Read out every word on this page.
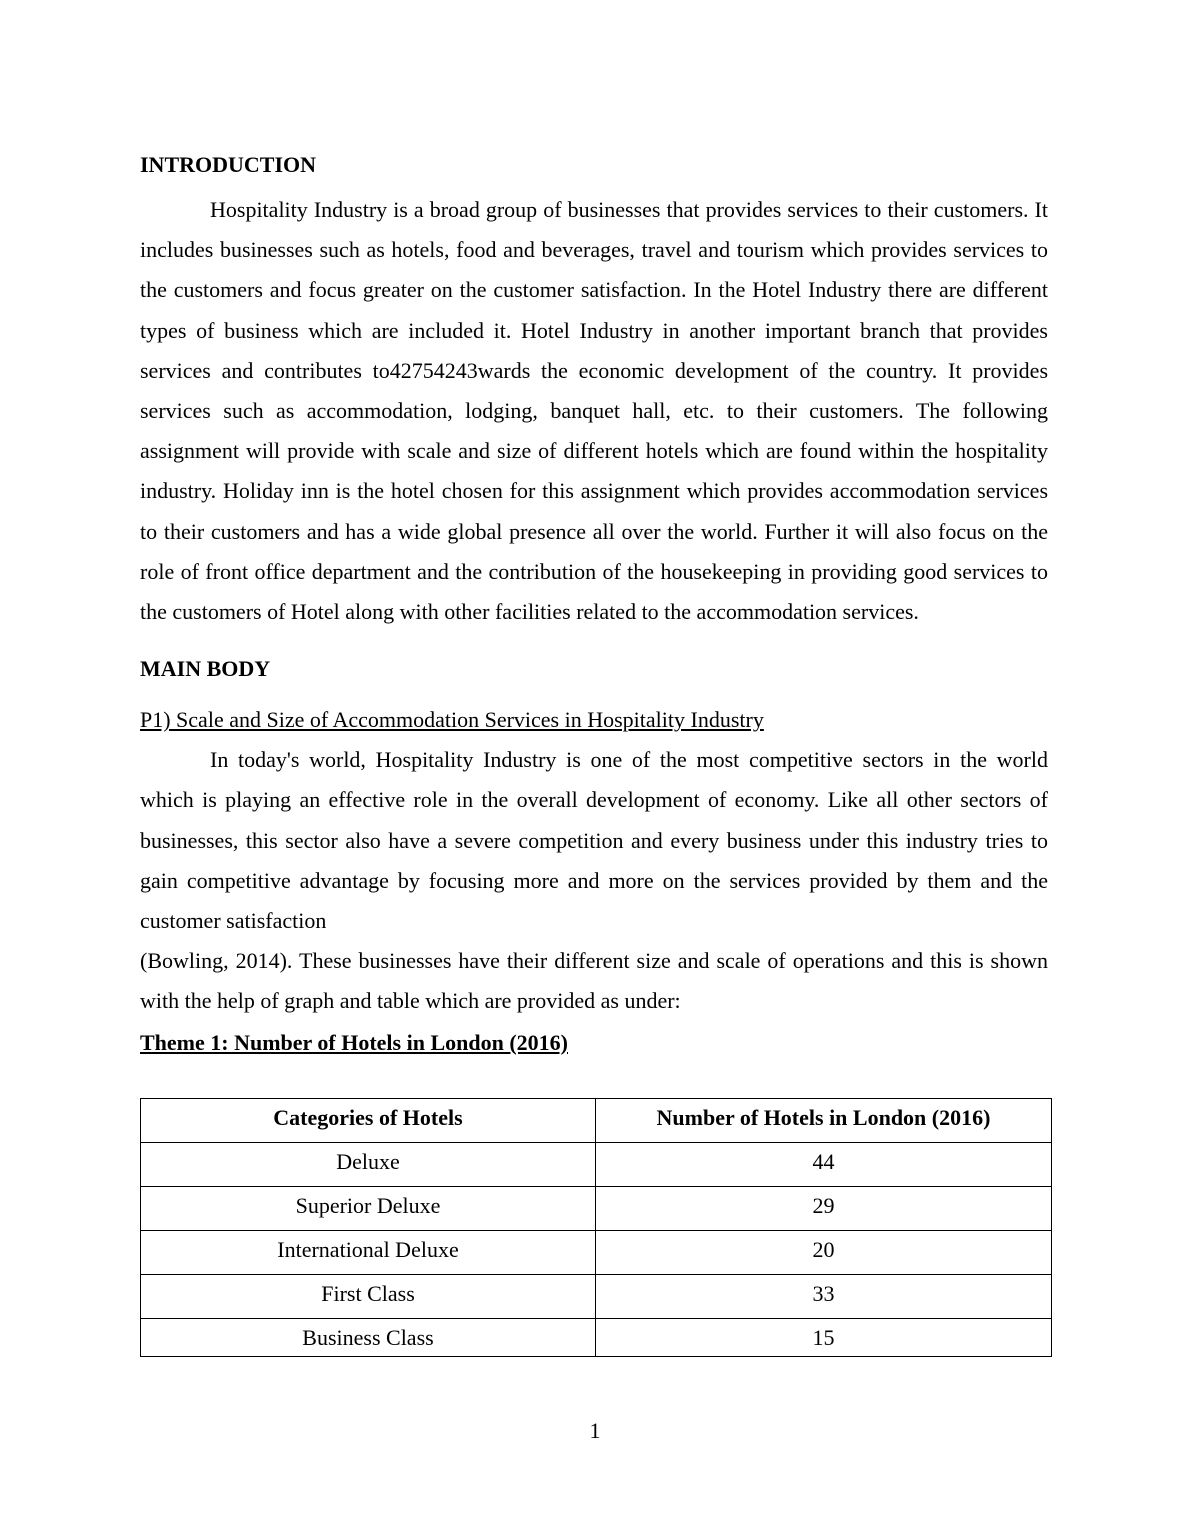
INTRODUCTION

Hospitality Industry is a broad group of businesses that provides services to their customers. It includes businesses such as hotels, food and beverages, travel and tourism which provides services to the customers and focus greater on the customer satisfaction. In the Hotel Industry there are different types of business which are included it. Hotel Industry in another important branch that provides services and contributes to42754243wards the economic development of the country. It provides services such as accommodation, lodging, banquet hall, etc. to their customers. The following assignment will provide with scale and size of different hotels which are found within the hospitality industry. Holiday inn is the hotel chosen for this assignment which provides accommodation services to their customers and has a wide global presence all over the world. Further it will also focus on the role of front office department and the contribution of the housekeeping in providing good services to the customers of Hotel along with other facilities related to the accommodation services.

MAIN BODY

P1) Scale and Size of Accommodation Services in Hospitality Industry

In today's world, Hospitality Industry is one of the most competitive sectors in the world which is playing an effective role in the overall development of economy. Like all other sectors of businesses, this sector also have a severe competition and every business under this industry tries to gain competitive advantage by focusing more and more on the services provided by them and the customer satisfaction

(Bowling, 2014). These businesses have their different size and scale of operations and this is shown with the help of graph and table which are provided as under:

Theme 1: Number of Hotels in London (2016)

Categories of Hotels	Number of Hotels in London (2016)
Deluxe	44
Superior Deluxe	29
International Deluxe	20
First Class	33
Business Class	15
1
